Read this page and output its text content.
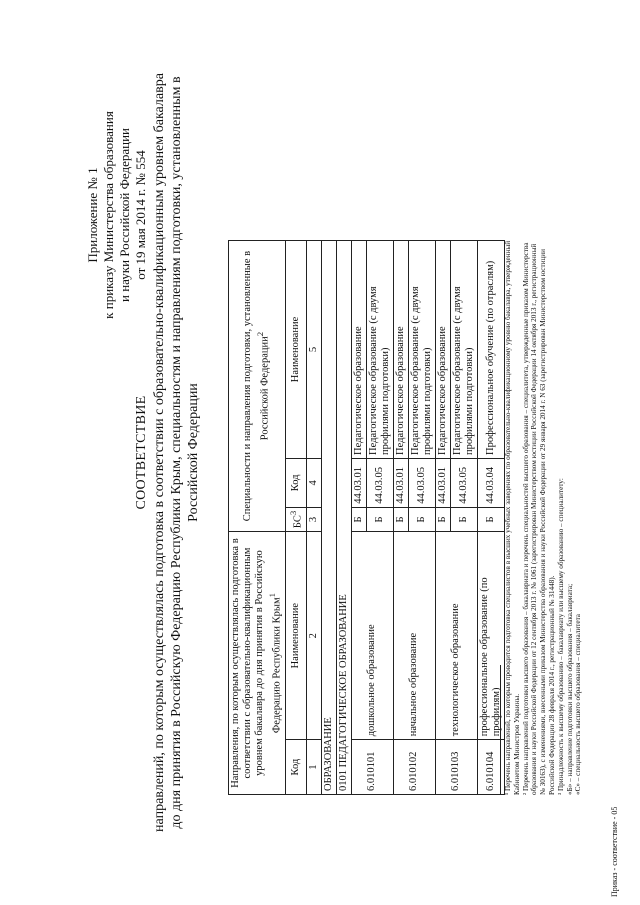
Приложение № 1 к приказу Министерства образования и науки Российской Федерации от 19 мая 2014 г. № 554
СООТВЕТСТВИЕ направлений, по которым осуществлялась подготовка в соответствии с образовательно-квалификационным уровнем бакалавра до дня принятия в Российскую Федерацию Республики Крым, специальностям и направлениям подготовки, установленным в Российской Федерации
Направления, по которым осуществлялась подготовка в соответствии с образовательно-квалификационным уровнем бакалавра до дня принятия в Российскую Федерацию Республики Крым$^1$		Специальности и направления подготовки, установленные в Российской Федерации$^2$
Код	Наименование	$БС^3$	Код	Наименование
1	2	3	4	5
ОБРАЗОВАНИЕ				
0101 ПЕДАГОГИЧЕСКОЕ ОБРАЗОВАНИЕ				
6.010101	дошкольное образование	Б	44.03.01	Педагогическое образование
		Б	44.03.05	Педагогическое образование (с двумя профилями подготовки)
6.010102	начальное образование	Б	44.03.01	Педагогическое образование
		Б	44.03.05	Педагогическое образование (с двумя профилями подготовки)
6.010103	технологическое образование	Б	44.03.01	Педагогическое образование
		Б	44.03.05	Педагогическое образование (с двумя профилями подготовки)
6.010104	профессиональное образование (по профилям)	Б	44.03.04	Профессиональное обучение (по отраслям) ¹ Перечень направлений, по которым проводится подготовка специалистов в высших учебных заведениях по образовательно-квалификационному уровню бакалавра, утвержденный Кабинетом Министров Украины. ² Перечень направлений подготовки высшего образования – бакалавриата и перечень специальностей высшего образования – специалитета, утвержденные приказом Министерства образования и науки Российской Федерации от 12 сентября 2013 г. № 1061 (зарегистрирован Министерством юстиции Российской Федерации 14 октября 2013 г., регистрационный № 30163), с изменениями, внесенными приказом Министерства образования и науки Российской Федерации от 29 января 2014 г. N 63 (зарегистрирован Министерством юстиции Российской Федерации 28 февраля 2014 г., регистрационный № 31448). ³ Принадлежность к высшему образованию – бакалавриату или высшему образованию – специалитету: «Б» – направление подготовки высшего образования – бакалавриата; «С» – специальность высшего образования – специалитета

Приказ - соответствие - 05
